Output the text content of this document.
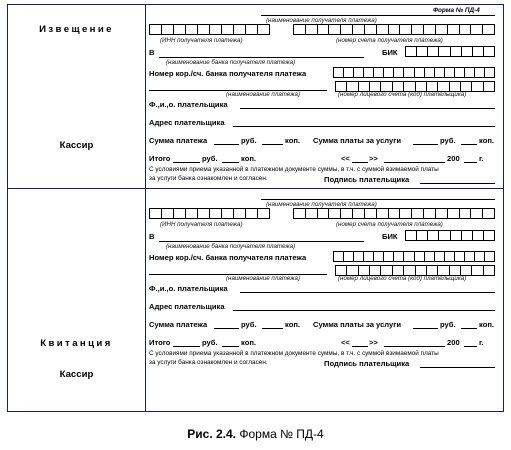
Форма № ПД-4
Извещение
Кассир
(наименование получателя платежа)
(ИНН получателя платежа)	(номер счета получателя платежа)
В	БИК
(наименование банка получателя платежа)
Номер кор./сч. банка получателя платежа
(наименование платежа)	(номер лицевого счета (код) плательщика)
Ф.,и.,о. плательщика
Адрес плательщика
Сумма платежа	руб.	коп. Сумма платы за услуги	руб.	коп.
Итого	руб.	коп.	<<	>>	200	г.
С условиями приема указанной в платежном документе суммы, в т.ч. с суммой взимаемой платы
за услуги банка ознакомлен и согласен.	Подпись плательщика
Квитанция
Кассир
(наименование получателя платежа)
(ИНН получателя платежа)	(номер счета получателя платежа)
В	БИК
(наименование банка получателя платежа)
Номер кор./сч. банка получателя платежа
(наименование платежа)	(номер лицевого счета (код) плательщика)
Ф.,и.,о. плательщика
Адрес плательщика
Сумма платежа	руб.	коп. Сумма платы за услуги	руб.	коп.
Итого	руб.	коп.	<<	>>	200	г.
С условиями приема указанной в платежном документе суммы, в т.ч. с суммой взимаемой платы
за услуги банка ознакомлен и согласен.	Подпись плательщика
Рис. 2.4. Форма № ПД-4
